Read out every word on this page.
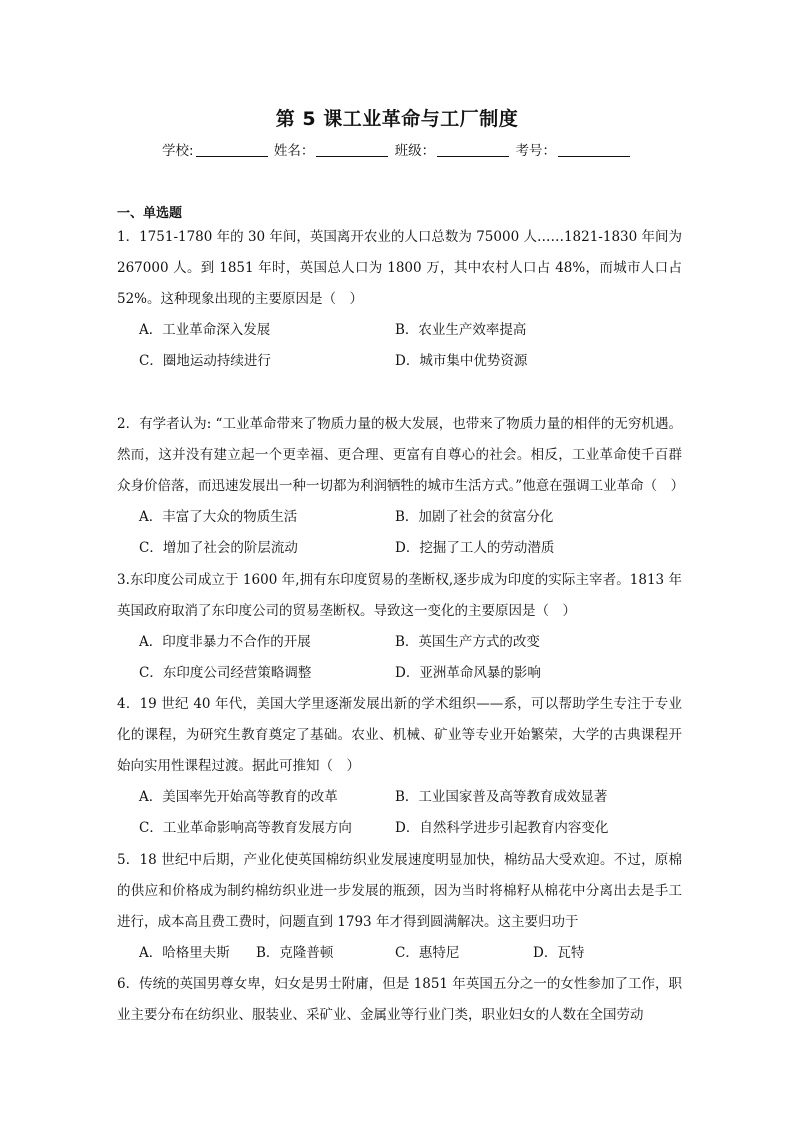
第 5 课工业革命与工厂制度
学校:	姓名：	班级：	考号：
一、单选题
1．1751-1780 年的 30 年间，英国离开农业的人口总数为 75000 人……1821-1830 年间为 267000 人。到 1851 年时，英国总人口为 1800 万，其中农村人口占 48%，而城市人口占 52%。这种现象出现的主要原因是（　）
A．工业革命深入发展	B．农业生产效率提高
C．圈地运动持续进行	D．城市集中优势资源
2．有学者认为: “工业革命带来了物质力量的极大发展，也带来了物质力量的相伴的无穷机遇。然而，这并没有建立起一个更幸福、更合理、更富有自尊心的社会。相反，工业革命使千百群众身价倍落，而迅速发展出一种一切都为利润牺牲的城市生活方式。”他意在强调工业革命（　）
A．丰富了大众的物质生活	B．加剧了社会的贫富分化
C．增加了社会的阶层流动	D．挖掘了工人的劳动潜质
3.东印度公司成立于 1600 年,拥有东印度贸易的垄断权,逐步成为印度的实际主宰者。1813 年英国政府取消了东印度公司的贸易垄断权。导致这一变化的主要原因是（　）
A．印度非暴力不合作的开展	B．英国生产方式的改变
C．东印度公司经营策略调整	D．亚洲革命风暴的影响
4．19 世纪 40 年代，美国大学里逐渐发展出新的学术组织——系，可以帮助学生专注于专业化的课程，为研究生教育奠定了基础。农业、机械、矿业等专业开始繁荣，大学的古典课程开始向实用性课程过渡。据此可推知（　）
A．美国率先开始高等教育的改革	B．工业国家普及高等教育成效显著
C．工业革命影响高等教育发展方向	D．自然科学进步引起教育内容变化
5．18 世纪中后期，产业化使英国棉纺织业发展速度明显加快，棉纺品大受欢迎。不过，原棉的供应和价格成为制约棉纺织业进一步发展的瓶颈，因为当时将棉籽从棉花中分离出去是手工进行，成本高且费工费时，问题直到 1793 年才得到圆满解决。这主要归功于
A．哈格里夫斯 B．克隆普顿	C．惠特尼	D．瓦特
6．传统的英国男尊女卑，妇女是男士附庸，但是 1851 年英国五分之一的女性参加了工作，职业主要分布在纺织业、服装业、采矿业、金属业等行业门类，职业妇女的人数在全国劳动
